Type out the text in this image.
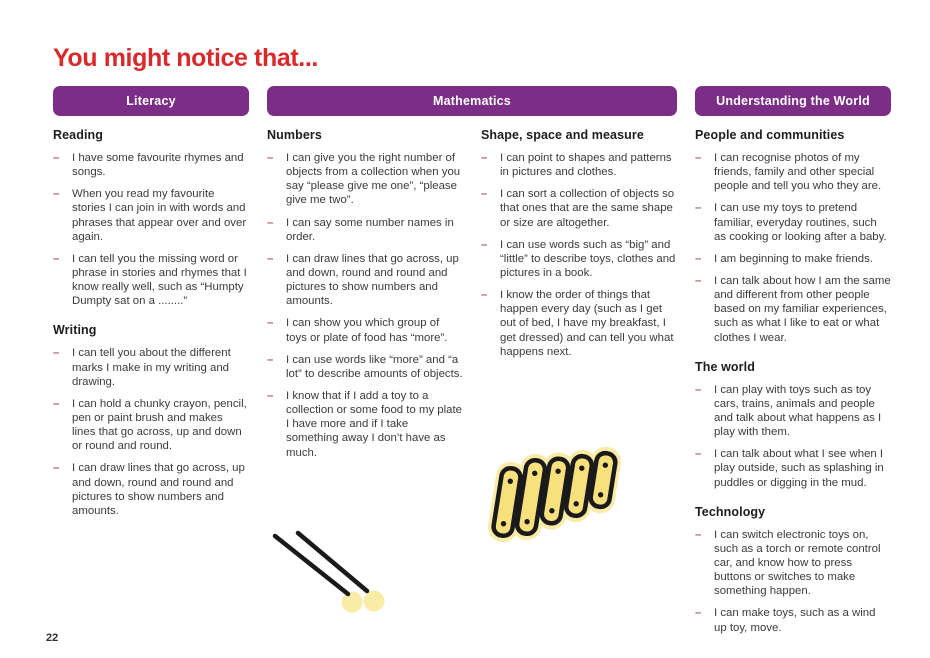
You might notice that...
Literacy	Mathematics	Understanding the World
Reading
–	I have some favourite rhymes and songs.

–	When you read my favourite stories I can join in with words and phrases that appear over and over again.

–	I can tell you the missing word or phrase in stories and rhymes that I know really well, such as “Humpty Dumpty sat on a ........”

Writing
–	I can tell you about the different marks I make in my writing and drawing.

–	I can hold a chunky crayon, pencil, pen or paint brush and makes lines that go across, up and down or round and round.

–	I can draw lines that go across, up and down, round and round and pictures to show numbers and amounts.

Numbers
–	I can give you the right number of objects from a collection when you say “please give me one”, “please give me two”.

–	I can say some number names in order.

–	I can draw lines that go across, up and down, round and round and pictures to show numbers and amounts.

–	I can show you which group of toys or plate of food has “more”.

–	I can use words like “more” and “a lot” to describe amounts of objects.

–	I know that if I add a toy to a collection or some food to my plate I have more and if I take something away I don’t have as much.

Shape, space and measure
–	I can point to shapes and patterns in pictures and clothes.

–	I can sort a collection of objects so that ones that are the same shape or size are altogether.

–	I can use words such as “big” and “little” to describe toys, clothes and pictures in a book.

–	I know the order of things that happen every day (such as I get out of bed, I have my breakfast, I get dressed) and can tell you what happens next.

People and communities
–	I can recognise photos of my friends, family and other special people and tell you who they are.

–	I can use my toys to pretend familiar, everyday routines, such as cooking or looking after a baby.

–	I am beginning to make friends.

–	I can talk about how I am the same and different from other people based on my familiar experiences, such as what I like to eat or what clothes I wear.

The world
–	I can play with toys such as toy cars, trains, animals and people and talk about what happens as I play with them.

–	I can talk about what I see when I play outside, such as splashing in puddles or digging in the mud.

Technology
–	I can switch electronic toys on, such as a torch or remote control car, and know how to press buttons or switches to make something happen.

–	I can make toys, such as a wind up toy, move.

22
